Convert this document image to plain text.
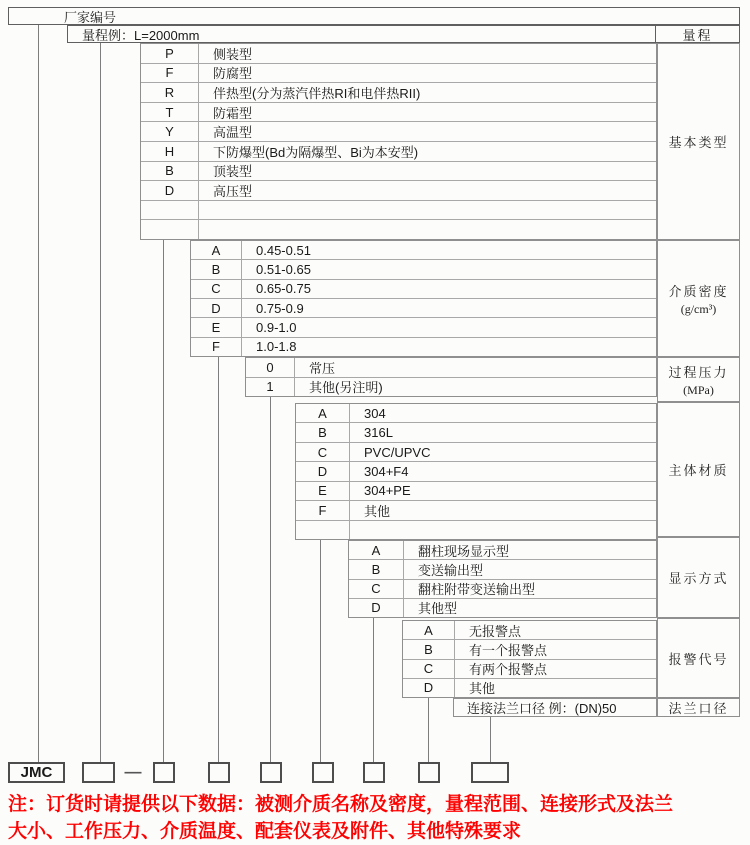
厂家编号
量程例：L=2000mm	量程
P	侧装型
F	防腐型
R	伴热型(分为蒸汽伴热RI和电伴热RII)
T	防霜型
Y	高温型
H	下防爆型(Bd为隔爆型、Bi为本安型)
B	顶装型
D	高压型
A	0.45-0.51
B	0.51-0.65
C	0.65-0.75
D	0.75-0.9
E	0.9-1.0
F	1.0-1.8
0	常压
1	其他(另注明)
A	304
B	316L
C	PVC/UPVC
D	304+F4
E	304+PE
F	其他
A	翻柱现场显示型
B	变送输出型
C	翻柱附带变送输出型
D	其他型
A	无报警点
B	有一个报警点
C	有两个报警点
D	其他
连接法兰口径 例：(DN)50
基本类型
介质密度
(g/cm³)
过程压力
(MPa)
主体材质
显示方式
报警代号
法兰口径
JMC	—
注：订货时请提供以下数据：被测介质名称及密度，量程范围、连接形式及法兰
大小、工作压力、介质温度、配套仪表及附件、其他特殊要求
